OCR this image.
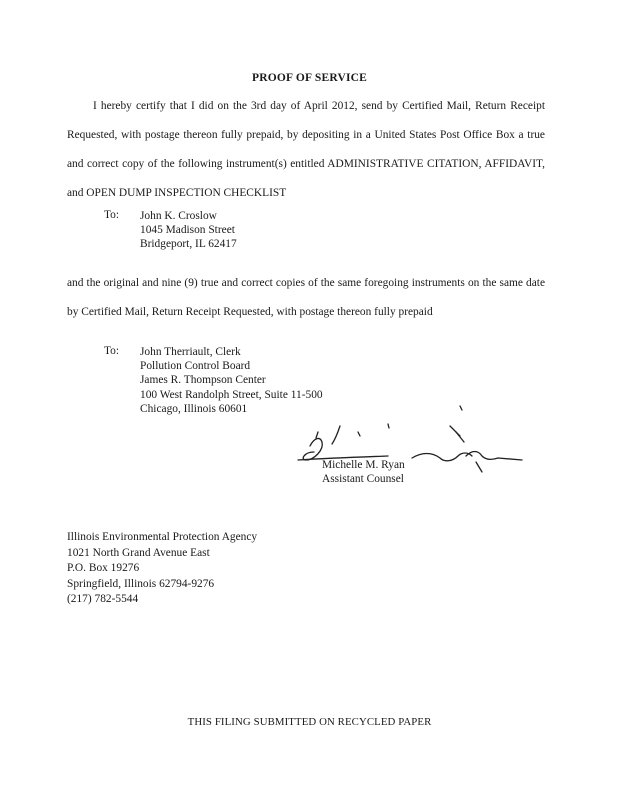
PROOF OF SERVICE
I hereby certify that I did on the 3rd day of April 2012, send by Certified Mail, Return Receipt Requested, with postage thereon fully prepaid, by depositing in a United States Post Office Box a true and correct copy of the following instrument(s) entitled ADMINISTRATIVE CITATION, AFFIDAVIT, and OPEN DUMP INSPECTION CHECKLIST
To: John K. Croslow
1045 Madison Street
Bridgeport, IL 62417
and the original and nine (9) true and correct copies of the same foregoing instruments on the same date by Certified Mail, Return Receipt Requested, with postage thereon fully prepaid
To: John Therriault, Clerk
Pollution Control Board
James R. Thompson Center
100 West Randolph Street, Suite 11-500
Chicago, Illinois 60601
Michelle M. Ryan
Assistant Counsel
Illinois Environmental Protection Agency
1021 North Grand Avenue East
P.O. Box 19276
Springfield, Illinois 62794-9276
(217) 782-5544
THIS FILING SUBMITTED ON RECYCLED PAPER
